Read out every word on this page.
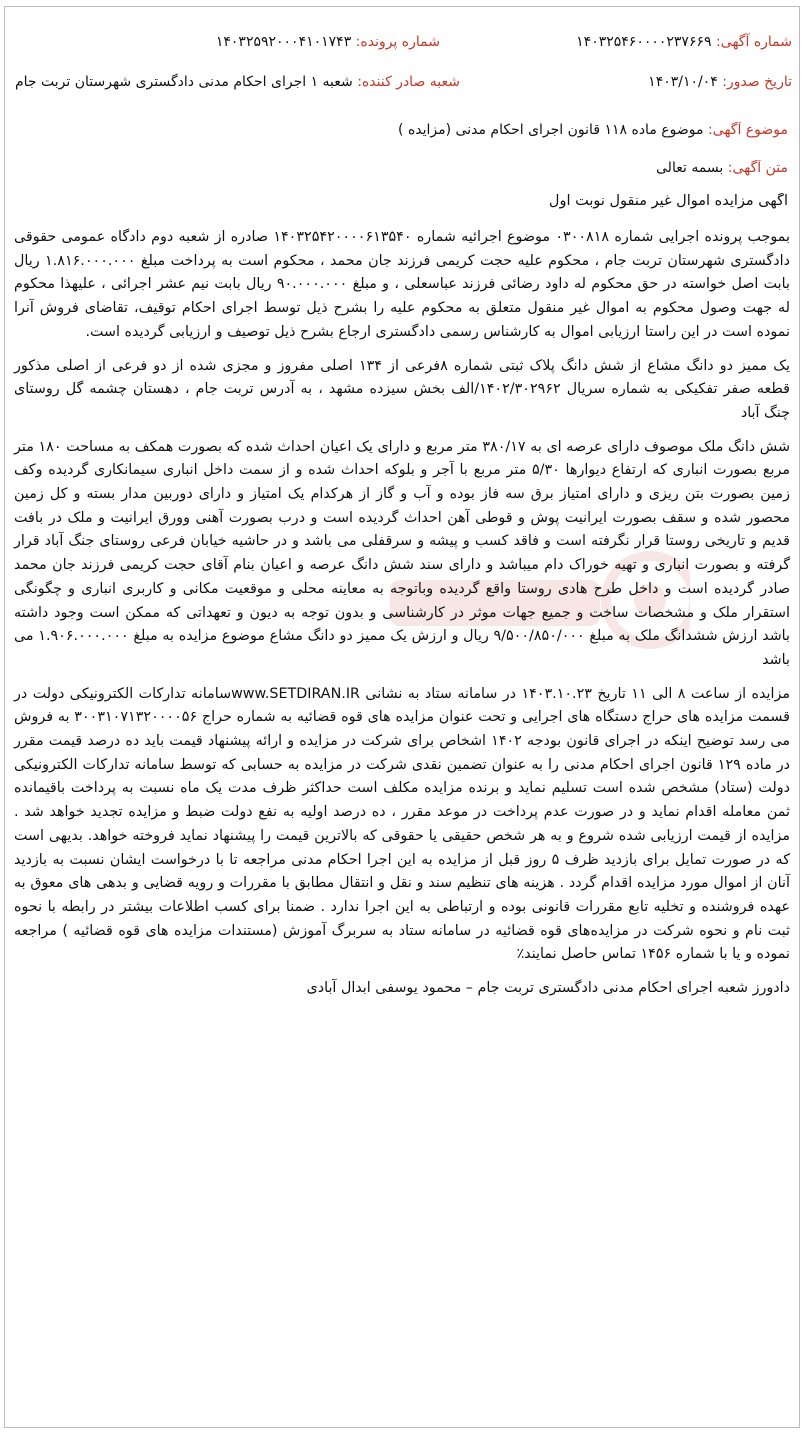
شماره آگهی: ۱۴۰۳۲۵۴۶۰۰۰۰۲۳۷۶۶۹
شماره پرونده: ۱۴۰۳۲۵۹۲۰۰۰۴۱۰۱۷۴۳
تاریخ صدور: ۱۴۰۳/۱۰/۰۴
شعبه صادر کننده: شعبه ۱ اجرای احکام مدنی دادگستری شهرستان تربت جام
موضوع آگهی: موضوع ماده ۱۱۸ قانون اجرای احکام مدنی (مزایده )
متن آگهی: بسمه تعالی
آگهی مزایده اموال غیر منقول نوبت اول

بموجب پرونده اجرایی شماره ۰۳۰۰۸۱۸ موضوع اجرائیه شماره ۱۴۰۳۲۵۴۲۰۰۰۰۶۱۳۵۴۰ صادره از شعبه دوم دادگاه عمومی حقوقی دادگستری شهرستان تربت جام ، محکوم علیه حجت کریمی فرزند جان محمد ، محکوم است به پرداخت مبلغ ۱.۸۱۶.۰۰۰.۰۰۰ ریال بابت اصل خواسته در حق محکوم له داود رضائی فرزند عباسعلی ، و مبلغ ۹۰.۰۰۰.۰۰۰ ریال بابت نیم عشر اجرائی ، علیهذا محکوم له جهت وصول محکوم به اموال غیر منقول متعلق به محکوم علیه را بشرح ذیل توسط اجرای احکام توقیف، تقاضای فروش آنرا نموده است در این راستا ارزیابی اموال به کارشناس رسمی دادگستری ارجاع بشرح ذیل توصیف و ارزیابی گردیده است.

یک ممیز دو دانگ مشاع از شش دانگ پلاک ثبتی شماره ۸فرعی از ۱۳۴ اصلی مفروز و مجزی شده از دو فرعی از اصلی مذکور قطعه صفر تفکیکی به شماره سریال ۱۴۰۲/۳۰۲۹۶۲/الف بخش سیزده مشهد ، به آدرس تربت جام ، دهستان چشمه گل روستای چنگ آباد

شش دانگ ملک موصوف دارای عرصه ای به ۳۸۰/۱۷ متر مربع و دارای یک اعیان احداث شده که بصورت همکف به مساحت ۱۸۰ متر مربع بصورت انباری که ارتفاع دیوارها ۵/۳۰ متر مربع با آجر و بلوکه احداث شده و از سمت داخل انباری سیمانکاری گردیده وکف زمین بصورت بتن ریزی و دارای امتیاز برق سه فاز بوده و آب و گاز از هرکدام یک امتیاز و دارای دوربین مدار بسته و کل زمین محصور شده و سقف بصورت ایرانیت پوش و قوطی آهن احداث گردیده است و درب بصورت آهنی وورق ایرانیت و ملک در بافت قدیم و تاریخی روستا قرار نگرفته است و فاقد کسب و پیشه و سرقفلی می باشد و در حاشیه خیابان فرعی روستای جنگ آباد قرار گرفته و بصورت انباری و تهیه خوراک دام میباشد و دارای سند شش دانگ عرصه و اعیان بنام آقای حجت کریمی فرزند جان محمد صادر گردیده است و داخل طرح هادی روستا واقع گردیده وباتوجه به معاینه محلی و موقعیت مکانی و کاربری انباری و چگونگی استقرار ملک و مشخصات ساخت و جمیع جهات موثر در کارشناسی و بدون توجه به دیون و تعهداتی که ممکن است وجود داشته باشد ارزش ششدانگ ملک به مبلغ ۹/۵۰۰/۸۵۰/۰۰۰ ریال و ارزش یک ممیز دو دانگ مشاع موضوع مزایده به مبلغ ۱.۹۰۶.۰۰۰.۰۰۰ می باشد

مزایده از ساعت ۸ الی ۱۱ تاریخ ۱۴۰۳.۱۰.۲۳ در سامانه ستاد به نشانی www.SETDIRAN.IRسامانه تدارکات الکترونیکی دولت در قسمت مزایده های حراج دستگاه های اجرایی و تحت عنوان مزایده های قوه قضائیه به شماره حراج ۳۰۰۳۱۰۷۱۳۲۰۰۰۰۵۶ به فروش می رسد توضیح اینکه در اجرای قانون بودجه ۱۴۰۲ اشخاص برای شرکت در مزایده و ارائه پیشنهاد قیمت باید ده درصد قیمت مقرر در ماده ۱۲۹ قانون اجرای احکام مدنی را به عنوان تضمین نقدی شرکت در مزایده به حسابی که توسط سامانه تدارکات الکترونیکی دولت (ستاد) مشخص شده است تسلیم نماید و برنده مزایده مکلف است حداکثر ظرف مدت یک ماه نسبت به پرداخت باقیمانده ثمن معامله اقدام نماید و در صورت عدم پرداخت در موعد مقرر ، ده درصد اولیه به نفع دولت ضبط و مزایده تجدید خواهد شد . مزایده از قیمت ارزیابی شده شروع و به هر شخص حقیقی یا حقوقی که بالاترین قیمت را پیشنهاد نماید فروخته خواهد. بدیهی است که در صورت تمایل برای بازدید ظرف ۵ روز قبل از مزایده به این اجرا احکام مدنی مراجعه تا با درخواست ایشان نسبت به بازدید آنان از اموال مورد مزایده اقدام گردد . هزینه های تنظیم سند و نقل و انتقال مطابق با مقررات و رویه قضایی و بدهی های معوق به عهده فروشنده و تخلیه تابع مقررات قانونی بوده و ارتباطی به این اجرا ندارد . ضمنا برای کسب اطلاعات بیشتر در رابطه با نحوه ثبت نام و نحوه شرکت در مزایده‌های قوه قضائیه در سامانه ستاد به سربرگ آموزش (مستندات مزایده های قوه قضائیه ) مراجعه نموده و یا با شماره ۱۴۵۶ تماس حاصل نمایند٪

دادورز شعبه اجرای احکام مدنی دادگستری تربت جام – محمود یوسفی ابدال آبادی
